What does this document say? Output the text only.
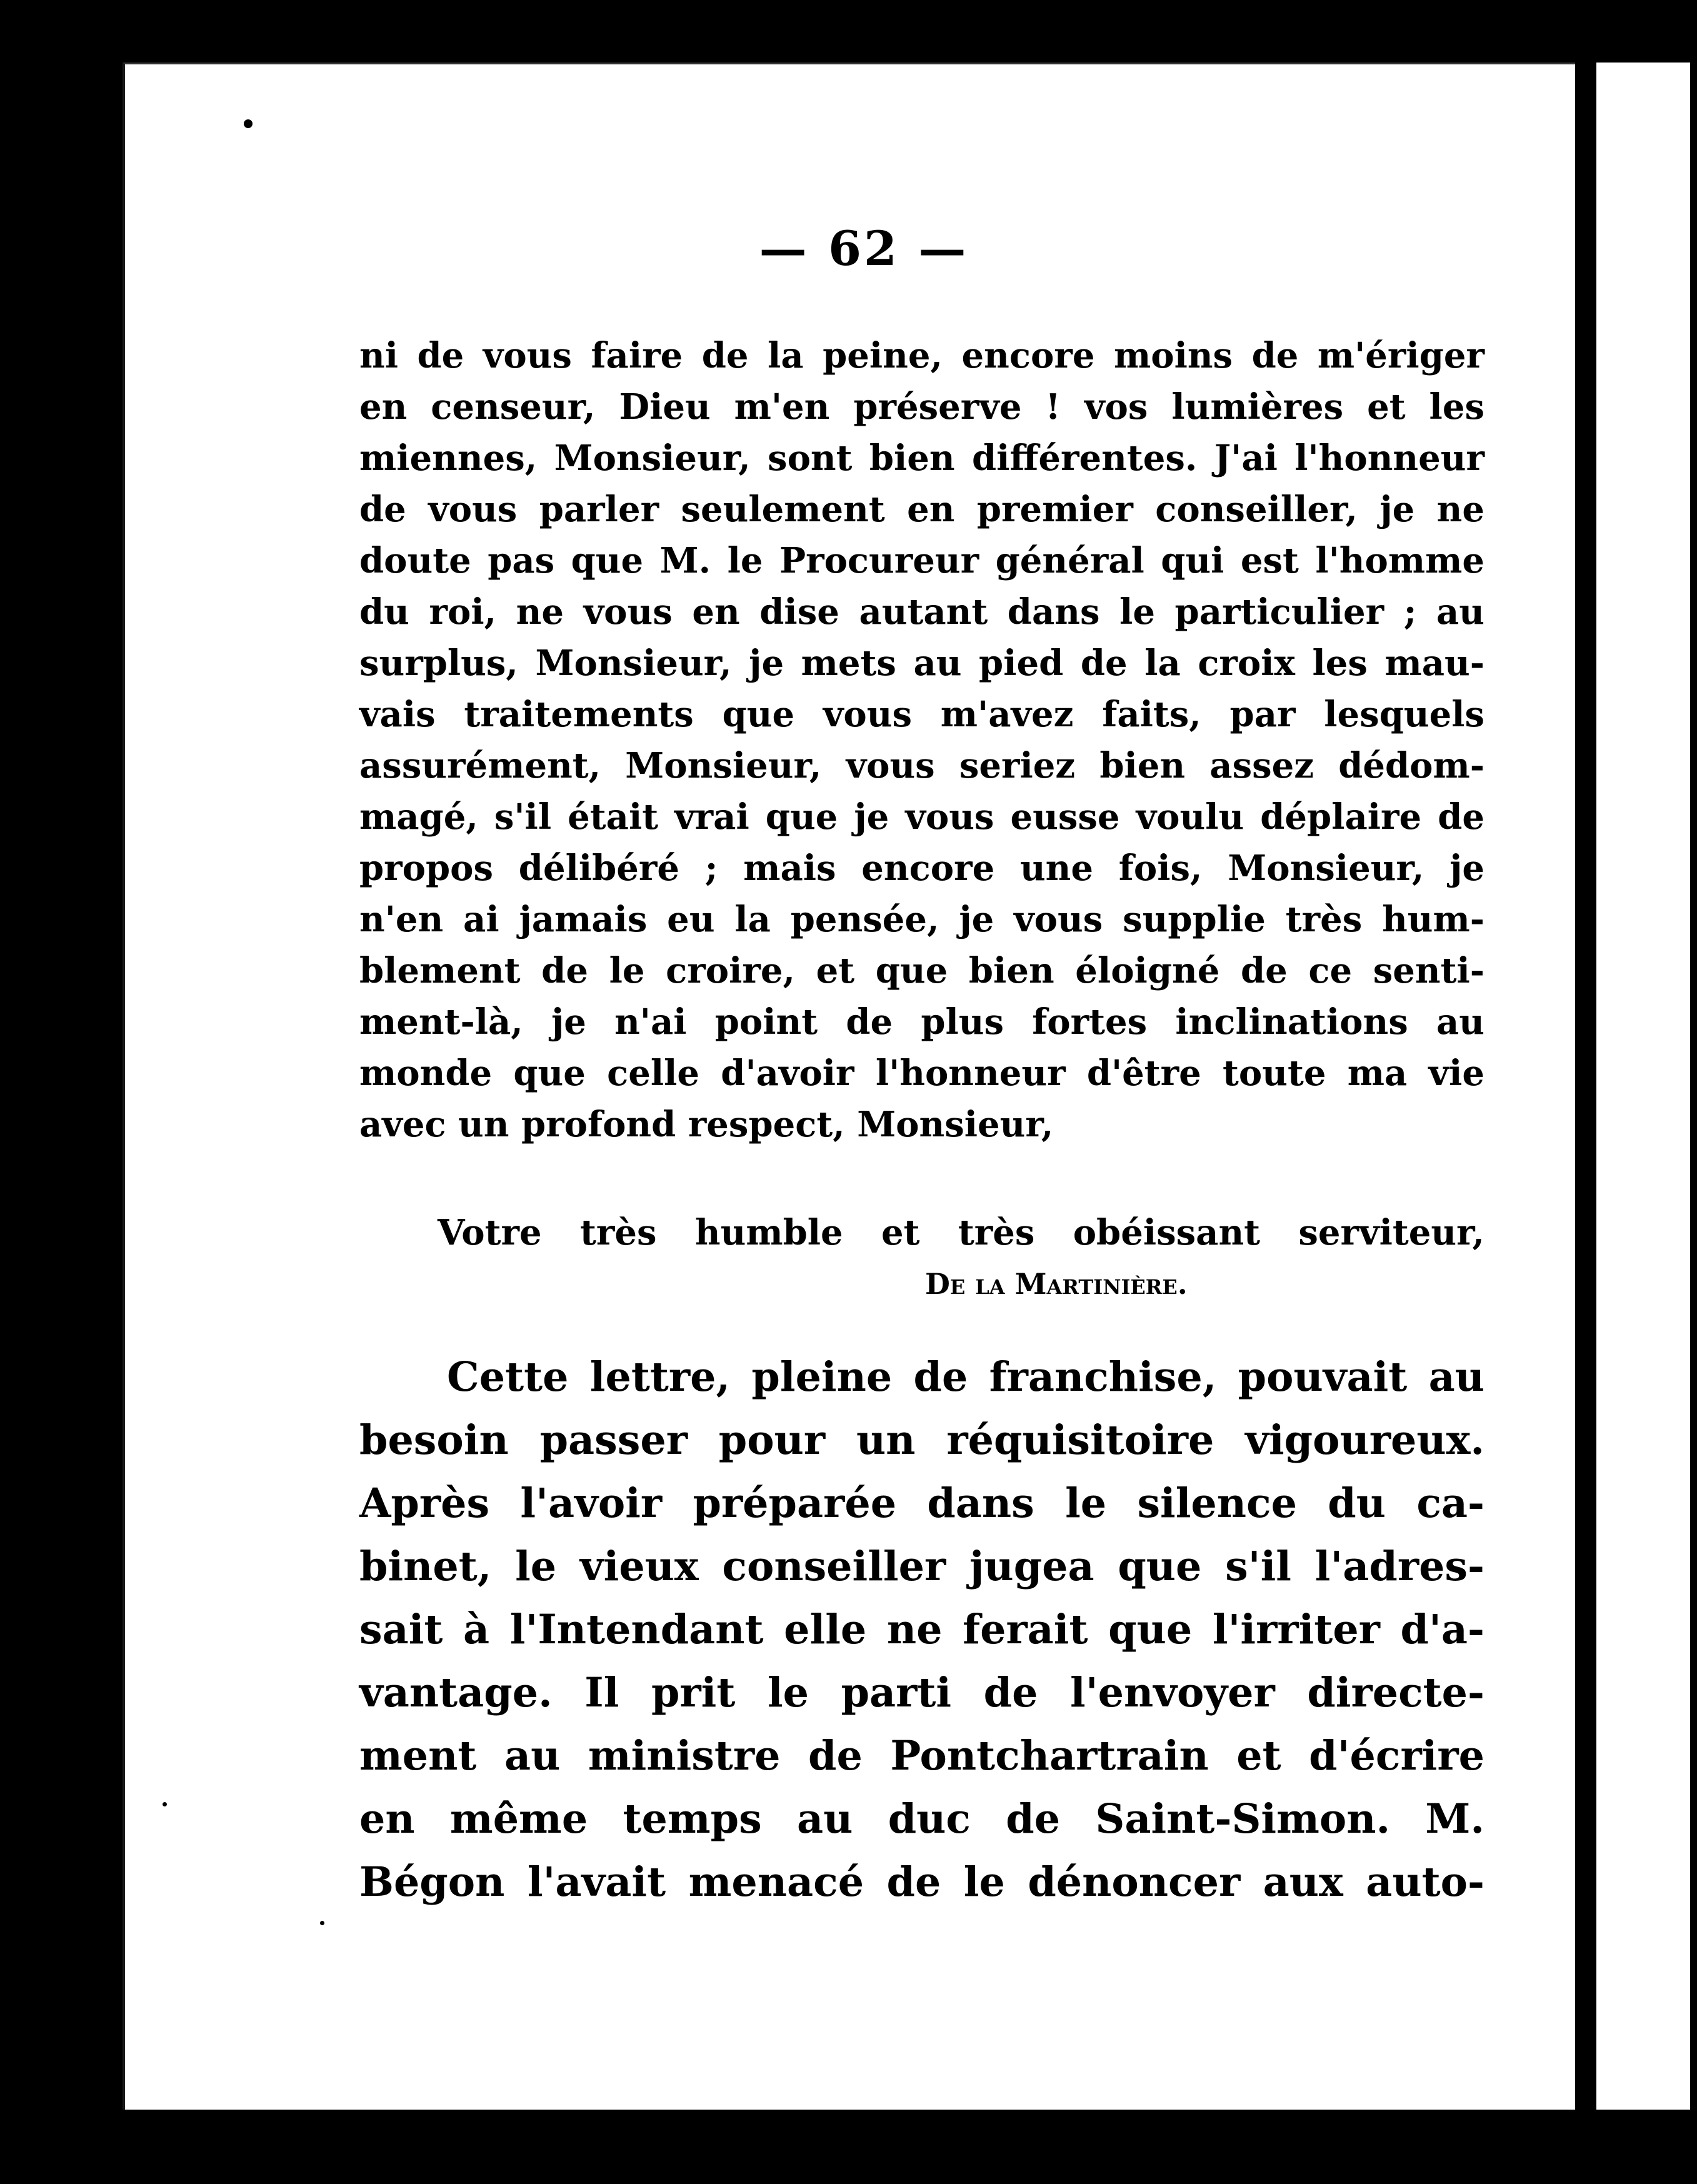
— 62 —
ni de vous faire de la peine, encore moins de m'ériger
en censeur, Dieu m'en préserve ! vos lumières et les
miennes, Monsieur, sont bien différentes. J'ai l'honneur
de vous parler seulement en premier conseiller, je ne
doute pas que M. le Procureur général qui est l'homme
du roi, ne vous en dise autant dans le particulier ; au
surplus, Monsieur, je mets au pied de la croix les mau-
vais traitements que vous m'avez faits, par lesquels
assurément, Monsieur, vous seriez bien assez dédom-
magé, s'il était vrai que je vous eusse voulu déplaire de
propos délibéré ; mais encore une fois, Monsieur, je
n'en ai jamais eu la pensée, je vous supplie très hum-
blement de le croire, et que bien éloigné de ce senti-
ment-là, je n'ai point de plus fortes inclinations au
monde que celle d'avoir l'honneur d'être toute ma vie
avec un profond respect, Monsieur,
Votre très humble et très obéissant serviteur,
De la Martinière.
Cette lettre, pleine de franchise, pouvait au
besoin passer pour un réquisitoire vigoureux.
Après l'avoir préparée dans le silence du ca-
binet, le vieux conseiller jugea que s'il l'adres-
sait à l'Intendant elle ne ferait que l'irriter d'a-
vantage. Il prit le parti de l'envoyer directe-
ment au ministre de Pontchartrain et d'écrire
en même temps au duc de Saint-Simon. M.
Bégon l'avait menacé de le dénoncer aux auto-
